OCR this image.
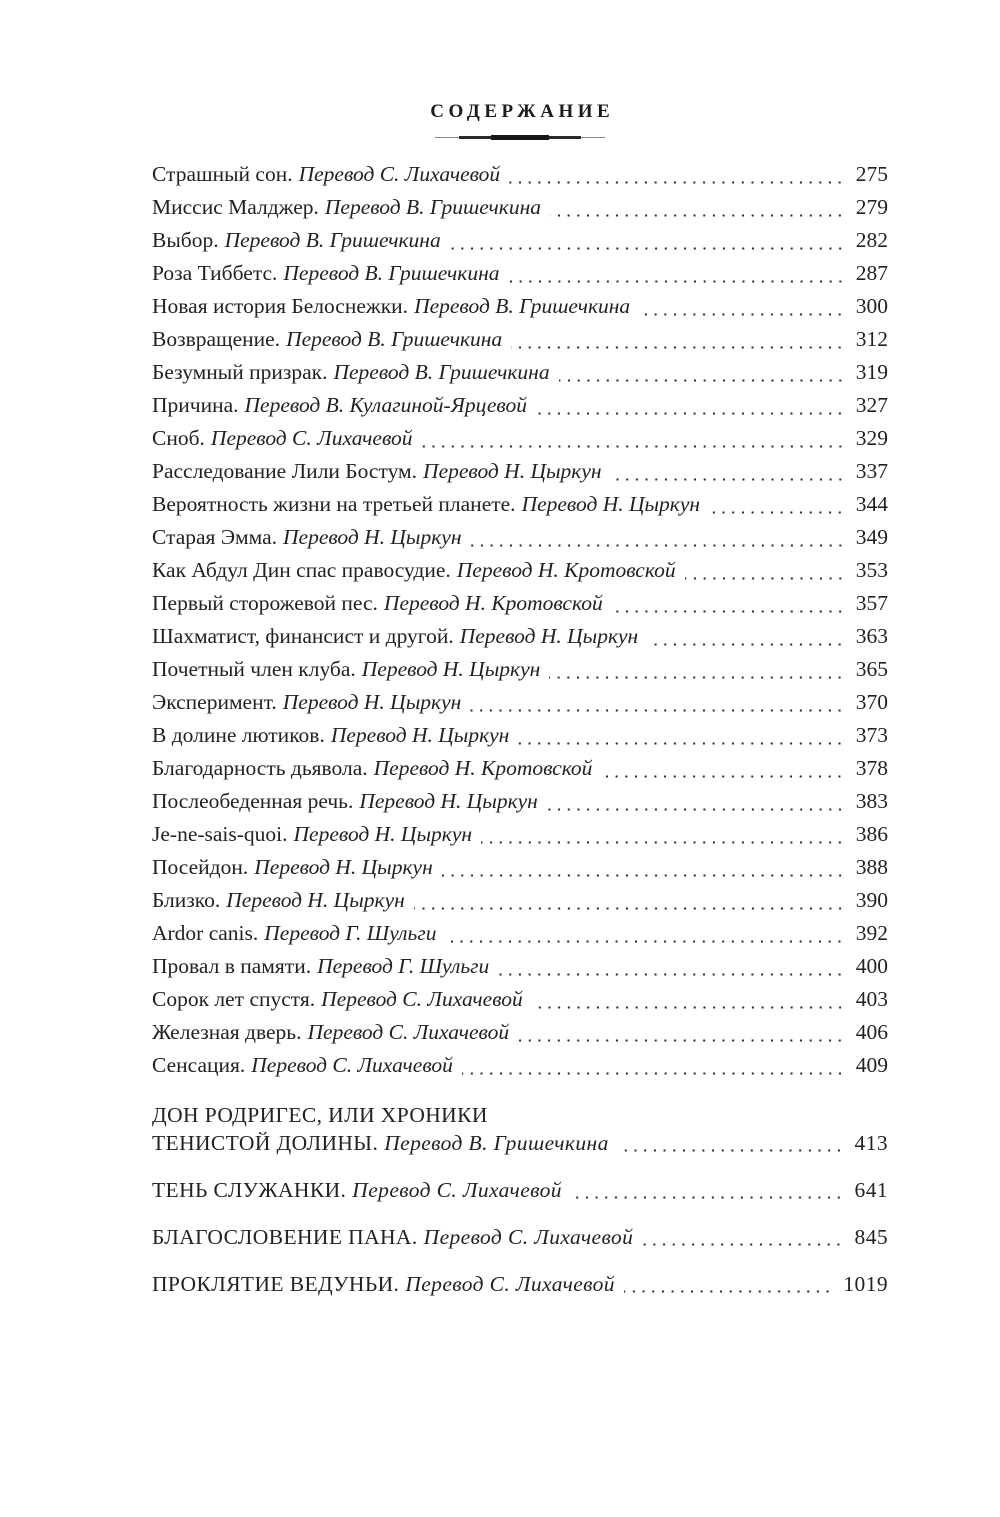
СОДЕРЖАНИЕ
Страшный сон. Перевод С. Лихачевой	275
Миссис Малджер. Перевод В. Гришечкина	279
Выбор. Перевод В. Гришечкина	282
Роза Тиббетс. Перевод В. Гришечкина	287
Новая история Белоснежки. Перевод В. Гришечкина	300
Возвращение. Перевод В. Гришечкина	312
Безумный призрак. Перевод В. Гришечкина	319
Причина. Перевод В. Кулагиной-Ярцевой	327
Сноб. Перевод С. Лихачевой	329
Расследование Лили Бостум. Перевод Н. Цыркун	337
Вероятность жизни на третьей планете. Перевод Н. Цыркун	344
Старая Эмма. Перевод Н. Цыркун	349
Как Абдул Дин спас правосудие. Перевод Н. Кротовской	353
Первый сторожевой пес. Перевод Н. Кротовской	357
Шахматист, финансист и другой. Перевод Н. Цыркун	363
Почетный член клуба. Перевод Н. Цыркун	365
Эксперимент. Перевод Н. Цыркун	370
В долине лютиков. Перевод Н. Цыркун	373
Благодарность дьявола. Перевод Н. Кротовской	378
Послеобеденная речь. Перевод Н. Цыркун	383
Je-ne-sais-quoi. Перевод Н. Цыркун	386
Посейдон. Перевод Н. Цыркун	388
Близко. Перевод Н. Цыркун	390
Ardor canis. Перевод Г. Шульги	392
Провал в памяти. Перевод Г. Шульги	400
Сорок лет спустя. Перевод С. Лихачевой	403
Железная дверь. Перевод С. Лихачевой	406
Сенсация. Перевод С. Лихачевой	409
ДОН РОДРИГЕС, ИЛИ ХРОНИКИ
ТЕНИСТОЙ ДОЛИНЫ. Перевод В. Гришечкина	413
ТЕНЬ СЛУЖАНКИ. Перевод С. Лихачевой	641
БЛАГОСЛОВЕНИЕ ПАНА. Перевод С. Лихачевой	845
ПРОКЛЯТИЕ ВЕДУНЬИ. Перевод С. Лихачевой	1019
